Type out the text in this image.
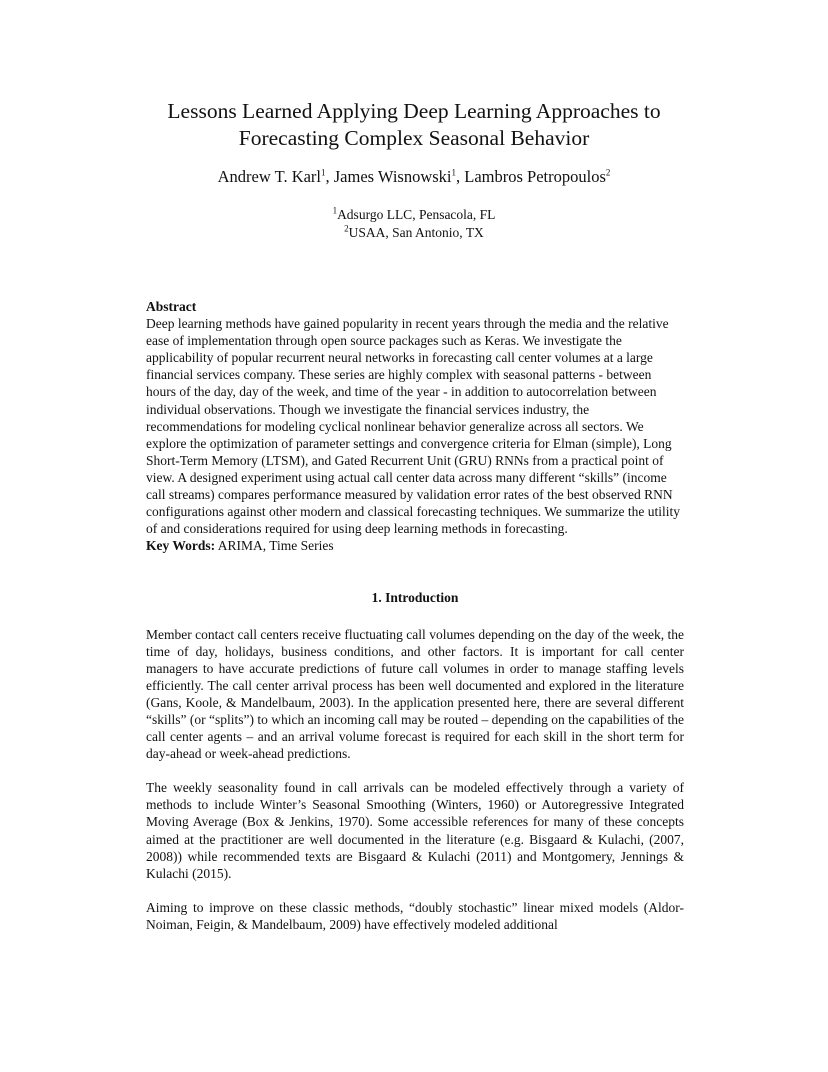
Lessons Learned Applying Deep Learning Approaches to
Forecasting Complex Seasonal Behavior
Andrew T. Karl$^1$, James Wisnowski$^1$, Lambros Petropoulos$^2$
$^1$Adsurgo LLC, Pensacola, FL
$^2$USAA, San Antonio, TX
Abstract
Deep learning methods have gained popularity in recent years through the media and the relative ease of implementation through open source packages such as Keras. We investigate the applicability of popular recurrent neural networks in forecasting call center volumes at a large financial services company. These series are highly complex with seasonal patterns - between hours of the day, day of the week, and time of the year - in addition to autocorrelation between individual observations. Though we investigate the financial services industry, the recommendations for modeling cyclical nonlinear behavior generalize across all sectors. We explore the optimization of parameter settings and convergence criteria for Elman (simple), Long Short-Term Memory (LTSM), and Gated Recurrent Unit (GRU) RNNs from a practical point of view. A designed experiment using actual call center data across many different “skills” (income call streams) compares performance measured by validation error rates of the best observed RNN configurations against other modern and classical forecasting techniques. We summarize the utility of and considerations required for using deep learning methods in forecasting.
Key Words: ARIMA, Time Series
1. Introduction

Member contact call centers receive fluctuating call volumes depending on the day of the week, the time of day, holidays, business conditions, and other factors. It is important for call center managers to have accurate predictions of future call volumes in order to manage staffing levels efficiently. The call center arrival process has been well documented and explored in the literature (Gans, Koole, & Mandelbaum, 2003). In the application presented here, there are several different “skills” (or “splits”) to which an incoming call may be routed – depending on the capabilities of the call center agents – and an arrival volume forecast is required for each skill in the short term for day-ahead or week-ahead predictions.

The weekly seasonality found in call arrivals can be modeled effectively through a variety of methods to include Winter’s Seasonal Smoothing (Winters, 1960) or Autoregressive Integrated Moving Average (Box & Jenkins, 1970). Some accessible references for many of these concepts aimed at the practitioner are well documented in the literature (e.g. Bisgaard & Kulachi, (2007, 2008)) while recommended texts are Bisgaard & Kulachi (2011) and Montgomery, Jennings & Kulachi (2015).

Aiming to improve on these classic methods, “doubly stochastic” linear mixed models (Aldor-Noiman, Feigin, & Mandelbaum, 2009) have effectively modeled additional
